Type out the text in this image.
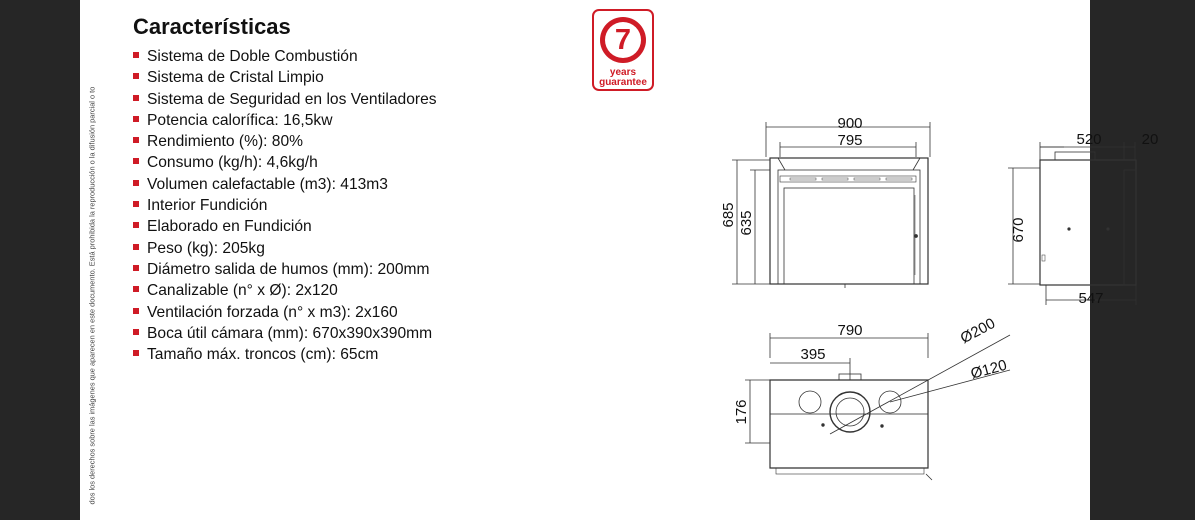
dos los derechos sobre las imágenes que aparecen en este documento. Está prohibida la reproducción o la difusión parcial o to
Características
Sistema de Doble Combustión
Sistema de Cristal Limpio
Sistema de Seguridad en los Ventiladores
Potencia calorífica: 16,5kw
Rendimiento (%): 80%
Consumo (kg/h): 4,6kg/h
Volumen calefactable (m3): 413m3
Interior Fundición
Elaborado en Fundición
Peso (kg): 205kg
Diámetro salida de humos (mm): 200mm
Canalizable (n° x Ø): 2x120
Ventilación forzada (n° x m3): 2x160
Boca útil cámara (mm): 670x390x390mm
Tamaño máx. troncos (cm): 65cm
7
years
guarantee
900
795
685 635
520	20
670
547
790
395
176
Ø200
Ø120
